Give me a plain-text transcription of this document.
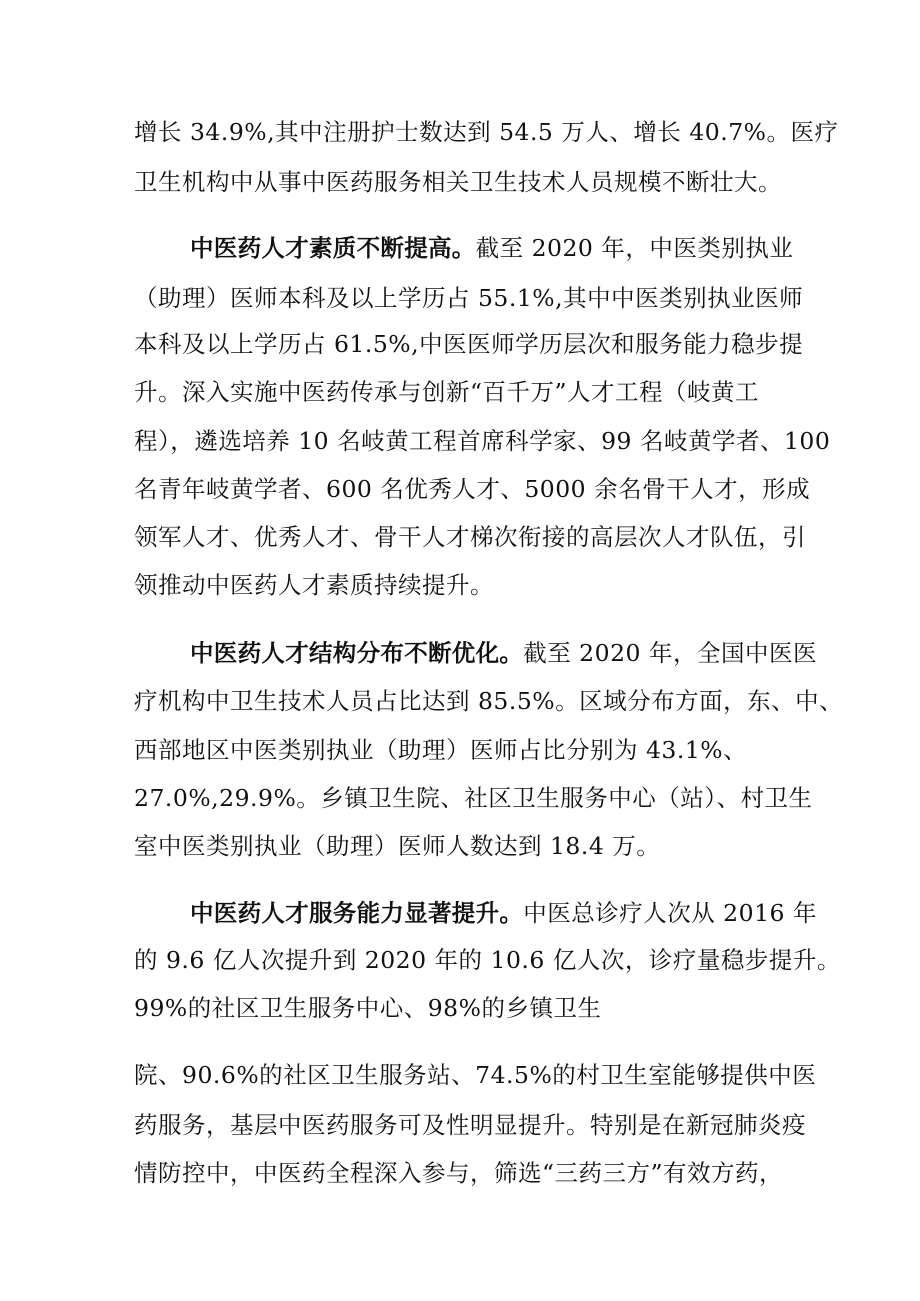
增长 34.9%,其中注册护士数达到 54.5 万人、增长 40.7%。医疗
卫生机构中从事中医药服务相关卫生技术人员规模不断壮大。
中医药人才素质不断提高。截至 2020 年，中医类别执业
（助理）医师本科及以上学历占 55.1%,其中中医类别执业医师
本科及以上学历占 61.5%,中医医师学历层次和服务能力稳步提
升。深入实施中医药传承与创新“百千万”人才工程（岐黄工
程），遴选培养 10 名岐黄工程首席科学家、99 名岐黄学者、100
名青年岐黄学者、600 名优秀人才、5000 余名骨干人才，形成
领军人才、优秀人才、骨干人才梯次衔接的高层次人才队伍，引
领推动中医药人才素质持续提升。
中医药人才结构分布不断优化。截至 2020 年，全国中医医
疗机构中卫生技术人员占比达到 85.5%。区域分布方面，东、中、
西部地区中医类别执业（助理）医师占比分别为 43.1%、
27.0%,29.9%。乡镇卫生院、社区卫生服务中心（站）、村卫生
室中医类别执业（助理）医师人数达到 18.4 万。
中医药人才服务能力显著提升。中医总诊疗人次从 2016 年
的 9.6 亿人次提升到 2020 年的 10.6 亿人次，诊疗量稳步提升。
99%的社区卫生服务中心、98%的乡镇卫生
院、90.6%的社区卫生服务站、74.5%的村卫生室能够提供中医
药服务，基层中医药服务可及性明显提升。特别是在新冠肺炎疫
情防控中，中医药全程深入参与，筛选“三药三方”有效方药，
